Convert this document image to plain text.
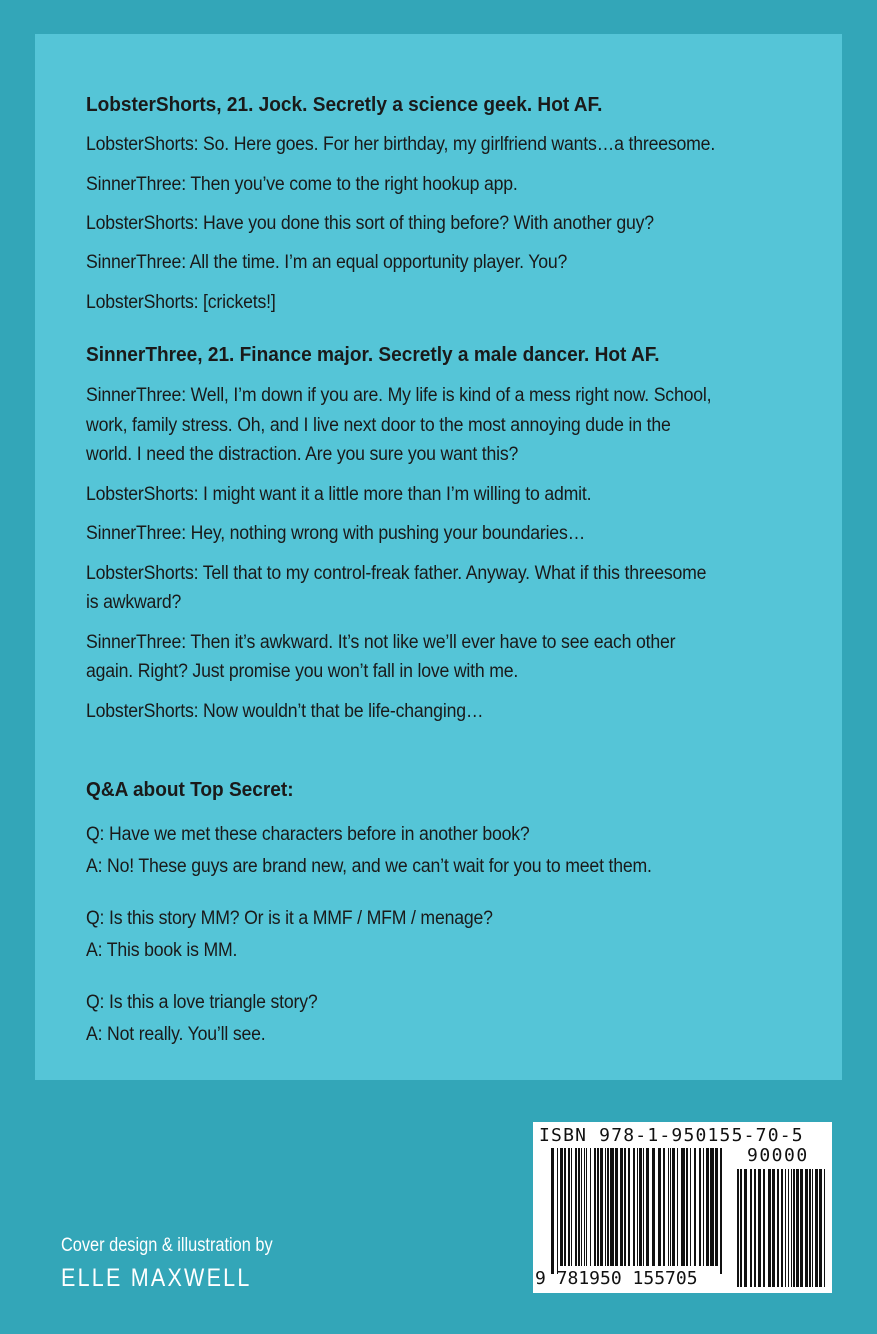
LobsterShorts, 21. Jock. Secretly a science geek. Hot AF.
LobsterShorts: So. Here goes. For her birthday, my girlfriend wants…a threesome.
SinnerThree: Then you’ve come to the right hookup app.
LobsterShorts: Have you done this sort of thing before? With another guy?
SinnerThree: All the time. I’m an equal opportunity player. You?
LobsterShorts: [crickets!]
SinnerThree, 21. Finance major. Secretly a male dancer. Hot AF.
SinnerThree: Well, I’m down if you are. My life is kind of a mess right now. School,
work, family stress. Oh, and I live next door to the most annoying dude in the
world. I need the distraction. Are you sure you want this?
LobsterShorts: I might want it a little more than I’m willing to admit.
SinnerThree: Hey, nothing wrong with pushing your boundaries…
LobsterShorts: Tell that to my control-freak father. Anyway. What if this threesome
is awkward?
SinnerThree: Then it’s awkward. It’s not like we’ll ever have to see each other
again. Right? Just promise you won’t fall in love with me.
LobsterShorts: Now wouldn’t that be life-changing…
Q&A about Top Secret:
Q: Have we met these characters before in another book?
A: No! These guys are brand new, and we can’t wait for you to meet them.
Q: Is this story MM? Or is it a MMF / MFM / menage?
A: This book is MM.
Q: Is this a love triangle story?
A: Not really. You’ll see.
Cover design & illustration by
ELLE MAXWELL
ISBN 978-1-950155-70-5
90000
9 781950 155705
